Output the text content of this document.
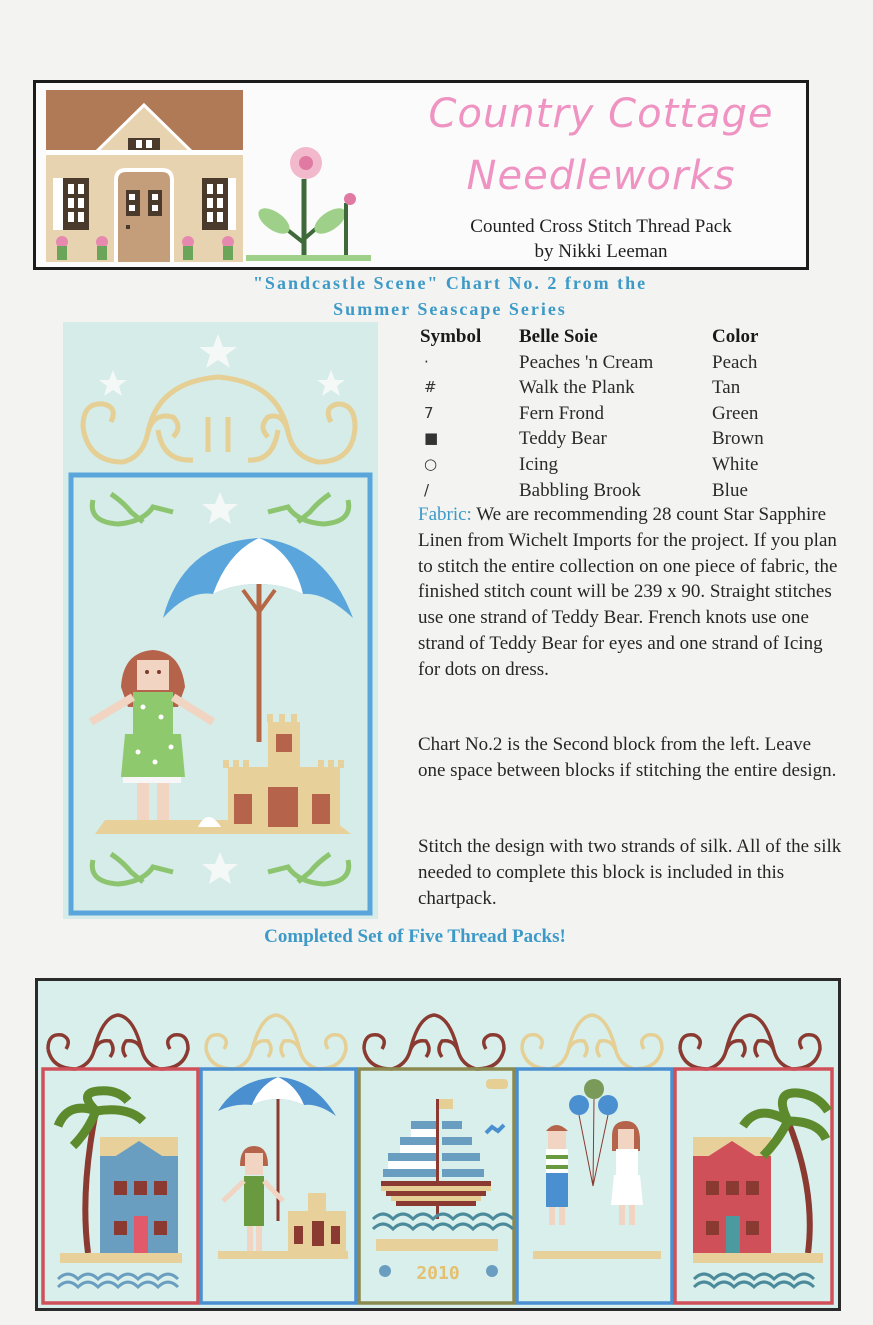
Country Cottage
Needleworks
Counted Cross Stitch Thread Pack
by Nikki Leeman
"Sandcastle Scene" Chart No. 2 from the
Summer Seascape Series
Symbol	Belle Soie	Color
·	Peaches 'n Cream	Peach
#	Walk the Plank	Tan
7	Fern Frond	Green
■	Teddy Bear	Brown
○	Icing	White
/	Babbling Brook	Blue
Fabric: We are recommending 28 count Star Sapphire Linen from Wichelt Imports for the project. If you plan to stitch the entire collection on one piece of fabric, the finished stitch count will be 239 x 90. Straight stitches use one strand of Teddy Bear. French knots use one strand of Teddy Bear for eyes and one strand of Icing for dots on dress.
Chart No.2 is the Second block from the left. Leave one space between blocks if stitching the entire design.
Stitch the design with two strands of silk. All of the silk needed to complete this block is included in this chartpack.
Completed Set of Five Thread Packs!
2010
